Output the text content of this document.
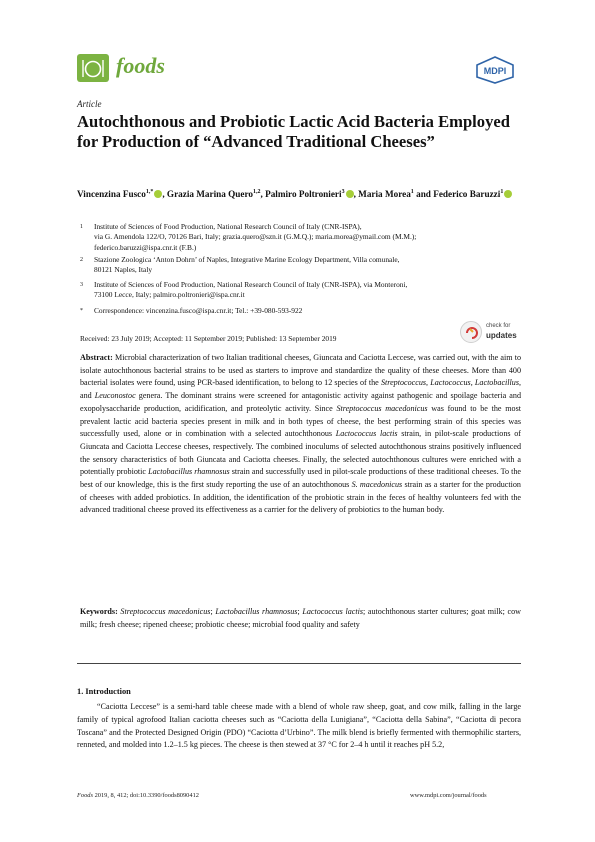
foods	MDPI
Article
Autochthonous and Probiotic Lactic Acid Bacteria Employed for Production of “Advanced Traditional Cheeses”
Vincenzina Fusco$^{1,*}$ , Grazia Marina Quero$^{1,2}$, Palmiro Poltronieri$^3$ , Maria Morea$^1$ and Federico Baruzzi$^1$
1 Institute of Sciences of Food Production, National Research Council of Italy (CNR-ISPA),
via G. Amendola 122/O, 70126 Bari, Italy; grazia.quero@szn.it (G.M.Q.); maria.morea@ymail.com (M.M.);
federico.baruzzi@ispa.cnr.it (F.B.)
2 Stazione Zoologica ‘Anton Dohrn’ of Naples, Integrative Marine Ecology Department, Villa comunale,
80121 Naples, Italy
3 Institute of Sciences of Food Production, National Research Council of Italy (CNR-ISPA), via Monteroni,
73100 Lecce, Italy; palmiro.poltronieri@ispa.cnr.it
* Correspondence: vincenzina.fusco@ispa.cnr.it; Tel.: +39-080-593-922
Received: 23 July 2019; Accepted: 11 September 2019; Published: 13 September 2019
check for
updates
Abstract: Microbial characterization of two Italian traditional cheeses, Giuncata and Caciotta Leccese, was carried out, with the aim to isolate autochthonous bacterial strains to be used as starters to improve and standardize the quality of these cheeses. More than 400 bacterial isolates were found, using PCR-based identification, to belong to 12 species of the Streptococcus, Lactococcus, Lactobacillus, and Leuconostoc genera. The dominant strains were screened for antagonistic activity against pathogenic and spoilage bacteria and exopolysaccharide production, acidification, and proteolytic activity. Since Streptococcus macedonicus was found to be the most prevalent lactic acid bacteria species present in milk and in both types of cheese, the best performing strain of this species was successfully used, alone or in combination with a selected autochthonous Lactococcus lactis strain, in pilot-scale productions of Giuncata and Caciotta Leccese cheeses, respectively. The combined inoculums of selected autochthonous strains positively influenced the sensory characteristics of both Giuncata and Caciotta cheeses. Finally, the selected autochthonous cultures were enriched with a potentially probiotic Lactobacillus rhamnosus strain and successfully used in pilot-scale productions of these traditional cheeses. To the best of our knowledge, this is the first study reporting the use of an autochthonous S. macedonicus strain as a starter for the production of cheeses with added probiotics. In addition, the identification of the probiotic strain in the feces of healthy volunteers fed with the advanced traditional cheese proved its effectiveness as a carrier for the delivery of probiotics to the human body.
Keywords: Streptococcus macedonicus; Lactobacillus rhamnosus; Lactococcus lactis; autochthonous starter cultures; goat milk; cow milk; fresh cheese; ripened cheese; probiotic cheese; microbial food quality and safety
1. Introduction
“Caciotta Leccese” is a semi-hard table cheese made with a blend of whole raw sheep, goat, and cow milk, falling in the large family of typical agrofood Italian caciotta cheeses such as “Caciotta della Lunigiana”, “Caciotta della Sabina”, “Caciotta di pecora Toscana” and the Protected Designed Origin (PDO) “Caciotta d’Urbino”. The milk blend is briefly fermented with thermophilic starters, renneted, and molded into 1.2–1.5 kg pieces. The cheese is then stewed at 37 °C for 2–4 h until it reaches pH 5.2,
Foods 2019, 8, 412; doi:10.3390/foods8090412	www.mdpi.com/journal/foods
